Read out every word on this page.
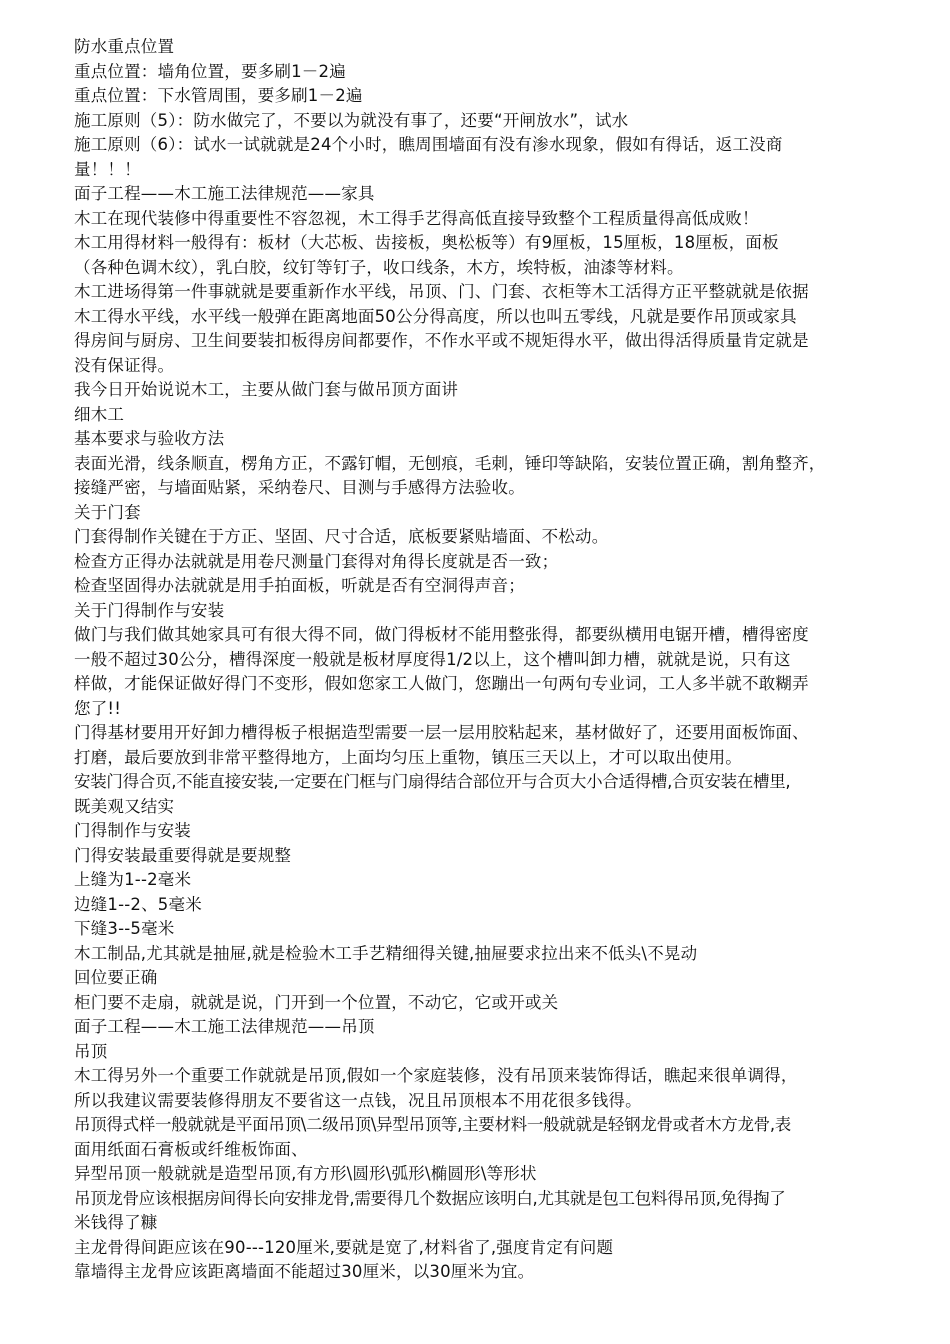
防水重点位置

重点位置：墙角位置，要多刷1－2遍

重点位置：下水管周围，要多刷1－2遍

施工原则（5）：防水做完了，不要以为就没有事了，还要“开闸放水”，试水

施工原则（6）：试水一试就就是24个小时，瞧周围墙面有没有渗水现象，假如有得话，返工没商

量！！！

面子工程——木工施工法律规范——家具

木工在现代装修中得重要性不容忽视，木工得手艺得高低直接导致整个工程质量得高低成败！

木工用得材料一般得有：板材（大芯板、齿接板，奥松板等）有9厘板，15厘板，18厘板，面板

（各种色调木纹），乳白胶，纹钉等钉子，收口线条，木方，埃特板，油漆等材料。

木工进场得第一件事就就是要重新作水平线，吊顶、门、门套、衣柜等木工活得方正平整就就是依据

木工得水平线，水平线一般弹在距离地面50公分得高度，所以也叫五零线，凡就是要作吊顶或家具

得房间与厨房、卫生间要装扣板得房间都要作，不作水平或不规矩得水平，做出得活得质量肯定就是

没有保证得。

我今日开始说说木工，主要从做门套与做吊顶方面讲

细木工

基本要求与验收方法

表面光滑，线条顺直，楞角方正，不露钉帽，无刨痕，毛刺，锤印等缺陷，安装位置正确，割角整齐，

接缝严密，与墙面贴紧，采纳卷尺、目测与手感得方法验收。

关于门套

门套得制作关键在于方正、坚固、尺寸合适，底板要紧贴墙面、不松动。

检查方正得办法就就是用卷尺测量门套得对角得长度就是否一致；

检查坚固得办法就就是用手拍面板，听就是否有空洞得声音；

关于门得制作与安装

做门与我们做其她家具可有很大得不同，做门得板材不能用整张得，都要纵横用电锯开槽，槽得密度

一般不超过30公分，槽得深度一般就是板材厚度得1/2以上，这个槽叫卸力槽，就就是说，只有这

样做，才能保证做好得门不变形，假如您家工人做门，您蹦出一句两句专业词，工人多半就不敢糊弄

您了!!

门得基材要用开好卸力槽得板子根据造型需要一层一层用胶粘起来，基材做好了，还要用面板饰面、

打磨，最后要放到非常平整得地方，上面均匀压上重物，镇压三天以上，才可以取出使用。

安装门得合页,不能直接安装,一定要在门框与门扇得结合部位开与合页大小合适得槽,合页安装在槽里,

既美观又结实

门得制作与安装

门得安装最重要得就是要规整

上缝为1--2毫米

边缝1--2、5毫米

下缝3--5毫米

木工制品,尤其就是抽屉,就是检验木工手艺精细得关键,抽屉要求拉出来不低头\不晃动

回位要正确

柜门要不走扇，就就是说，门开到一个位置，不动它，它或开或关

面子工程——木工施工法律规范——吊顶

吊顶

木工得另外一个重要工作就就是吊顶,假如一个家庭装修，没有吊顶来装饰得话，瞧起来很单调得，

所以我建议需要装修得朋友不要省这一点钱，况且吊顶根本不用花很多钱得。

吊顶得式样一般就就是平面吊顶\二级吊顶\异型吊顶等,主要材料一般就就是轻钢龙骨或者木方龙骨,表

面用纸面石膏板或纤维板饰面、

异型吊顶一般就就是造型吊顶,有方形\圆形\弧形\椭圆形\等形状

吊顶龙骨应该根据房间得长向安排龙骨,需要得几个数据应该明白,尤其就是包工包料得吊顶,免得掏了

米钱得了糠

主龙骨得间距应该在90---120厘米,要就是宽了,材料省了,强度肯定有问题

靠墙得主龙骨应该距离墙面不能超过30厘米，以30厘米为宜。
